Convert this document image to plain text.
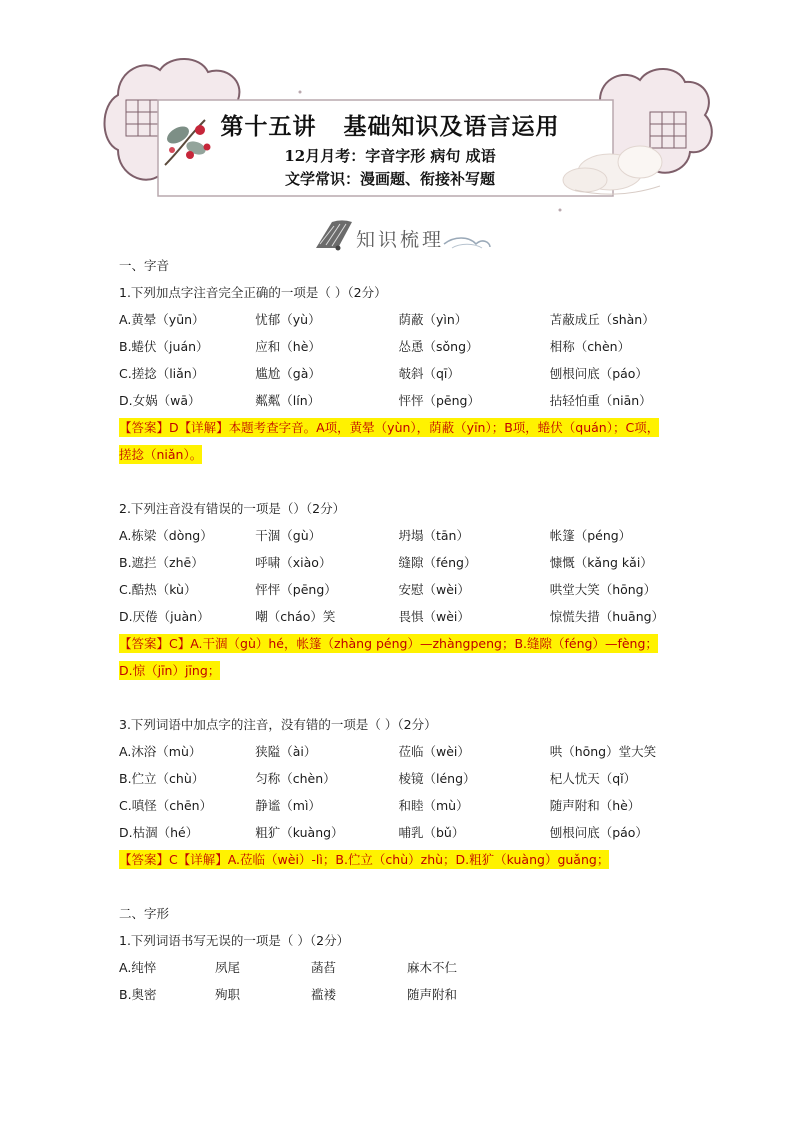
第十五讲   基础知识及语言运用
12月月考：字音字形 病句 成语
文学常识：漫画题、衔接补写题
知识梳理
一、字音
1.下列加点字注音完全正确的一项是（ ）（2分）
A.黄晕（yūn）	忧郁（yù）	荫蔽（yìn）	苫蔽成丘（shàn）
B.蜷伏（juán）	应和（hè）	怂恿（sǒng）	相称（chèn）
C.搓捻（liǎn）	尴尬（gà）	攲斜（qī）	刨根问底（páo）
D.女娲（wā）	粼粼（lín）	怦怦（pēng）	拈轻怕重（niān）
【答案】D【详解】本题考查字音。A项，黄晕（yùn），荫蔽（yīn）；B项，蜷伏（quán）；C项，搓捻（niǎn）。
2.下列注音没有错误的一项是（）（2分）
A.栋梁（dòng）	干涸（gù）	坍塌（tān）	帐篷（péng）
B.遮拦（zhē）	呼啸（xiào）	缝隙（féng）	慷慨（kǎng kǎi）
C.酷热（kù）	怦怦（pēng）	安慰（wèi）	哄堂大笑（hōng）
D.厌倦（juàn）	嘲（cháo）笑	畏惧（wèi）	惊慌失措（huāng）
【答案】C】A.干涸（gù）hé，帐篷（zhàng péng）—zhàngpeng；B.缝隙（féng）—fèng；D.惊（jīn）jīng；
3.下列词语中加点字的注音，没有错的一项是（ ）（2分）
A.沐浴（mù）	狭隘（ài）	莅临（wèi）	哄（hōng）堂大笑
B.伫立（chù）	匀称（chèn）	棱镜（léng）	杞人忧天（qǐ）
C.嗔怪（chēn）	静谧（mì）	和睦（mù）	随声附和（hè）
D.枯涸（hé）	粗犷（kuàng）	哺乳（bǔ）	刨根问底（páo）
【答案】C【详解】A.莅临（wèi）-lì；B.伫立（chù）zhù；D.粗犷（kuàng）guǎng；
二、字形
1.下列词语书写无误的一项是（ ）（2分）
A.纯悴	夙尾	菡萏	麻木不仁
B.奥密	殉职	褴褛	随声附和
